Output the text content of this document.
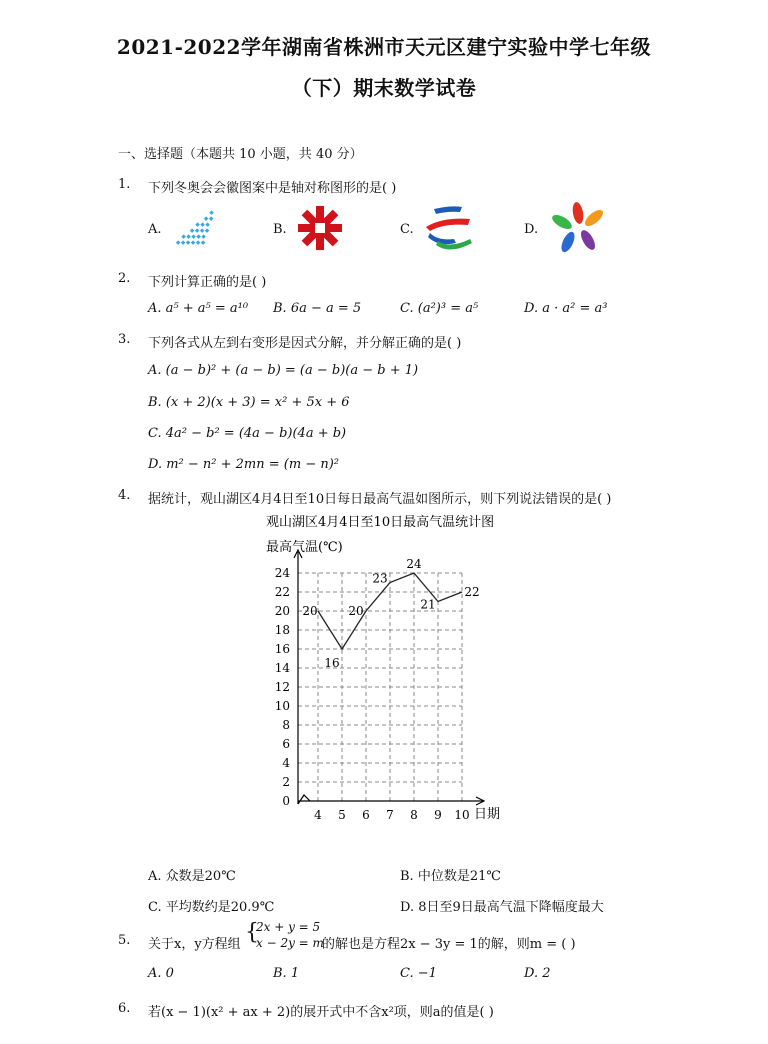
2021-2022学年湖南省株洲市天元区建宁实验中学七年级
（下）期末数学试卷
一、选择题（本题共 10 小题，共 40 分）
1. 下列冬奥会会徽图案中是轴对称图形的是( )
A.	B.	C.	D.
2. 下列计算正确的是( )
A. a⁵ + a⁵ = a¹⁰ B. 6a − a = 5	C. (a²)³ = a⁵	D. a · a² = a³
3. 下列各式从左到右变形是因式分解，并分解正确的是( )
A. (a − b)² + (a − b) = (a − b)(a − b + 1)
B. (x + 2)(x + 3) = x² + 5x + 6
C. 4a² − b² = (4a − b)(4a + b)
D. m² − n² + 2mn = (m − n)²
4. 据统计，观山湖区4月4日至10日每日最高气温如图所示，则下列说法错误的是( )
观山湖区4月4日至10日最高气温统计图
最高气温(℃)
日期
0
2
4
6
8
10
12
14
16
18
20
22
24
4 5 6 7 8 9 10
20
16
20
23
24
21
22
A. 众数是20℃	B. 中位数是21℃
C. 平均数约是20.9℃	D. 8日至9日最高气温下降幅度最大
5. 关于x，y方程组 {
2x + y = 5
x − 2y = m
的解也是方程2x − 3y = 1的解，则m = ( )
A. 0	B. 1	C. −1	D. 2
6. 若(x − 1)(x² + ax + 2)的展开式中不含x²项，则a的值是( )
